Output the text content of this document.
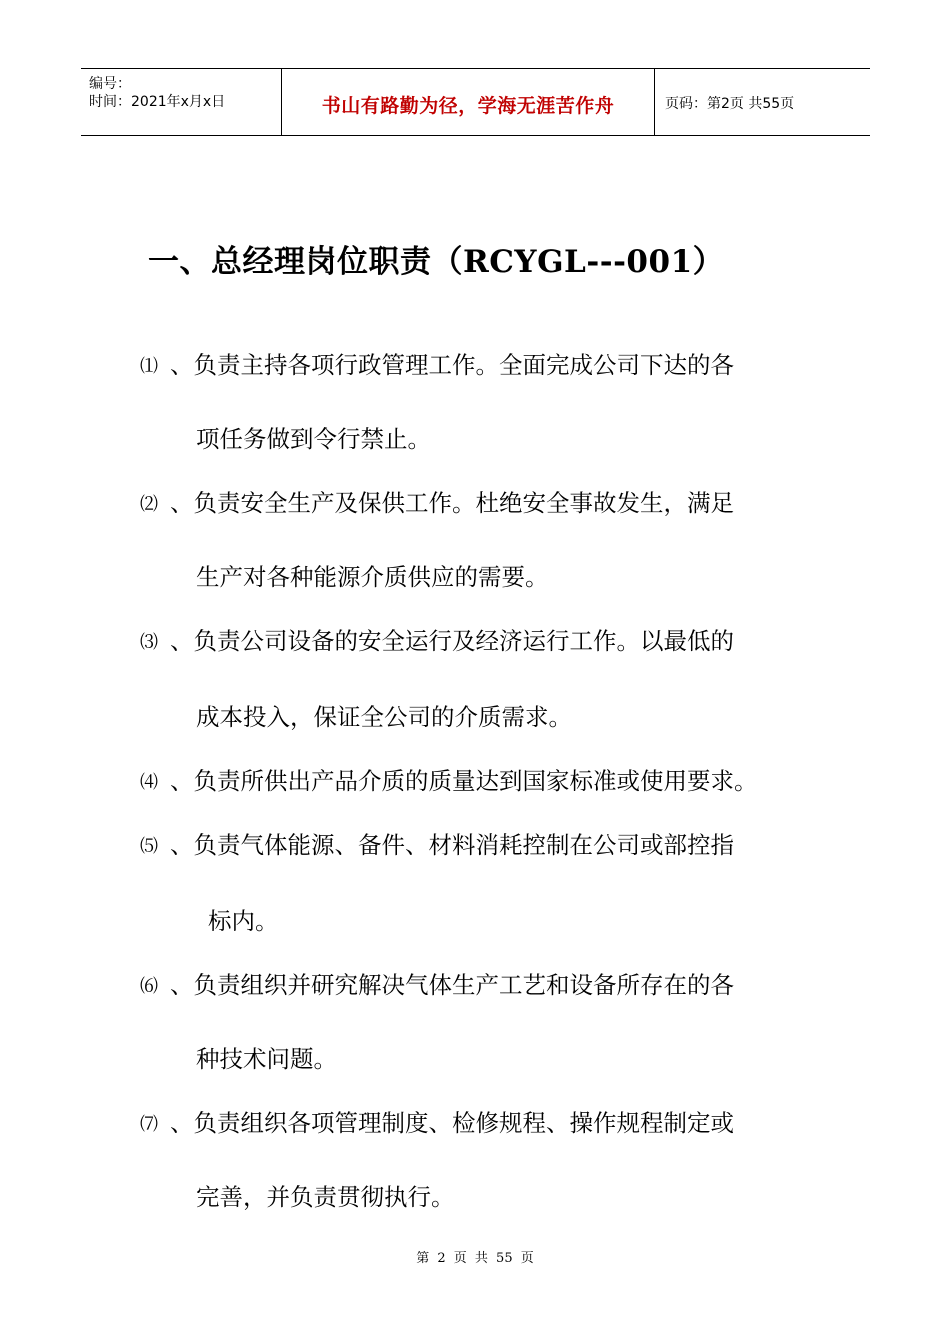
编号：
时间：2021年x月x日	书山有路勤为径，学海无涯苦作舟	页码：第2页 共55页
一、总经理岗位职责（RCYGL---001）
⑴ 、负责主持各项行政管理工作。全面完成公司下达的各
项任务做到令行禁止。
⑵ 、负责安全生产及保供工作。杜绝安全事故发生，满足
生产对各种能源介质供应的需要。
⑶ 、负责公司设备的安全运行及经济运行工作。以最低的
成本投入，保证全公司的介质需求。
⑷ 、负责所供出产品介质的质量达到国家标准或使用要求。
⑸ 、负责气体能源、备件、材料消耗控制在公司或部控指
标内。
⑹ 、负责组织并研究解决气体生产工艺和设备所存在的各
种技术问题。
⑺ 、负责组织各项管理制度、检修规程、操作规程制定或
完善，并负责贯彻执行。
第 2 页 共 55 页
